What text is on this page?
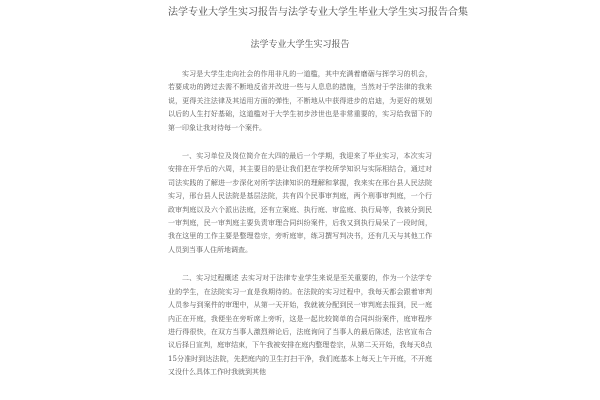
法学专业大学生实习报告与法学专业大学生毕业大学生实习报告合集
法学专业大学生实习报告

实习是大学生走向社会的作用非凡的一道槛，其中充满着磨砺与挥学习的机会，若要成功的跨过去需不断地反省并改进一些与人息息的措施，当然对于学法律的我来说，更得关注法律及其适用方面的弹性，不断地从中获得进步的启迪，为更好的规划以后的人生打好基础，这道槛对于大学生初步涉世也是非常重要的，实习给我留下的第一印象让我对待每一个案件。

一、实习单位及岗位简介在大四的最后一个学期，我迎来了毕业实习，本次实习安排在开学后的六周，其主要目的是让我们把在学校所学知识与实际相结合，通过对司法实践的了解进一步深化对所学法律知识的理解和掌握，我来实在邢台县人民法院实习，邢台县人民法院是基层法院，共有四个民事审判庭，两个刑事审判庭，一个行政审判庭以及六个派出法庭，还有立案庭、执行庭、审监庭、执行局等，我被分到民一审判庭，民一审判庭主要负责审理合同纠纷案件，后我又到执行局呆了一段时间，我在这里的工作主要是整理卷宗，旁听庭审，练习撰写判决书，还有几天与其他工作人员到当事人住所地调查。

二、实习过程概述 去实习对于法律专业学生来说是至关重要的，作为一个法学专业的学生，在法院实习一直是我期待的。在法院的实习过程中，我每天都会跟着审判人员参与到案件的审理中，从第一天开始，我就被分配到民一审判庭去报到，民一庭内正在开庭，我便坐在旁听席上旁听，这是一起比较简单的合同纠纷案件，庭审程序进行得很快，在双方当事人激烈辩论后，法庭询问了当事人的最后陈述，法官宣布合议后择日宣判，庭审结束，下午我被安排在庭内整理卷宗，从第二天开始，我每天8点15分准时到达法院，先把庭内的卫生打扫干净，我们庭基本上每天上午开庭，不开庭又没什么具体工作时我就到其他
